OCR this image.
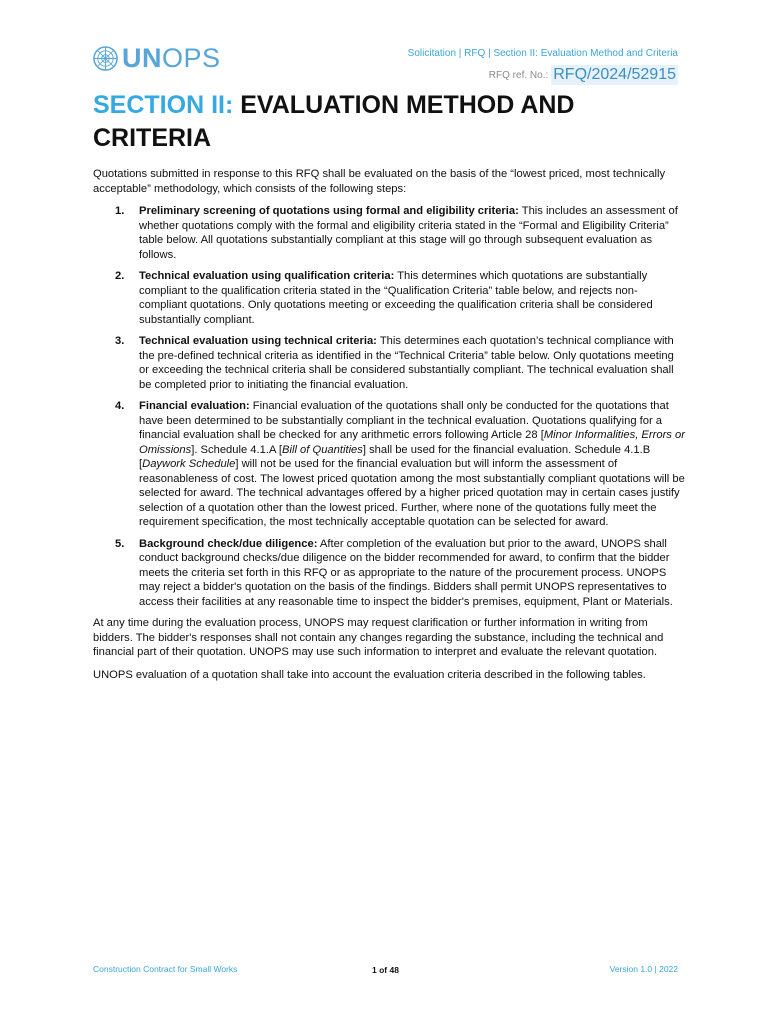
UNOPS	Solicitation | RFQ | Section II: Evaluation Method and Criteria
RFQ ref. No.: RFQ/2024/52915
SECTION II: EVALUATION METHOD AND CRITERIA

Quotations submitted in response to this RFQ shall be evaluated on the basis of the “lowest priced, most technically acceptable” methodology, which consists of the following steps:

1. Preliminary screening of quotations using formal and eligibility criteria: This includes an assessment of whether quotations comply with the formal and eligibility criteria stated in the “Formal and Eligibility Criteria” table below. All quotations substantially compliant at this stage will go through subsequent evaluation as follows.
2. Technical evaluation using qualification criteria: This determines which quotations are substantially compliant to the qualification criteria stated in the “Qualification Criteria” table below, and rejects non-compliant quotations. Only quotations meeting or exceeding the qualification criteria shall be considered substantially compliant.
3. Technical evaluation using technical criteria: This determines each quotation’s technical compliance with the pre-defined technical criteria as identified in the “Technical Criteria” table below. Only quotations meeting or exceeding the technical criteria shall be considered substantially compliant. The technical evaluation shall be completed prior to initiating the financial evaluation.
4. Financial evaluation: Financial evaluation of the quotations shall only be conducted for the quotations that have been determined to be substantially compliant in the technical evaluation. Quotations qualifying for a financial evaluation shall be checked for any arithmetic errors following Article 28 [Minor Informalities, Errors or Omissions]. Schedule 4.1.A [Bill of Quantities] shall be used for the financial evaluation. Schedule 4.1.B [Daywork Schedule] will not be used for the financial evaluation but will inform the assessment of reasonableness of cost. The lowest priced quotation among the most substantially compliant quotations will be selected for award. The technical advantages offered by a higher priced quotation may in certain cases justify selection of a quotation other than the lowest priced. Further, where none of the quotations fully meet the requirement specification, the most technically acceptable quotation can be selected for award.
5. Background check/due diligence: After completion of the evaluation but prior to the award, UNOPS shall conduct background checks/due diligence on the bidder recommended for award, to confirm that the bidder meets the criteria set forth in this RFQ or as appropriate to the nature of the procurement process. UNOPS may reject a bidder's quotation on the basis of the findings. Bidders shall permit UNOPS representatives to access their facilities at any reasonable time to inspect the bidder's premises, equipment, Plant or Materials.

At any time during the evaluation process, UNOPS may request clarification or further information in writing from bidders. The bidder's responses shall not contain any changes regarding the substance, including the technical and financial part of their quotation. UNOPS may use such information to interpret and evaluate the relevant quotation.

UNOPS evaluation of a quotation shall take into account the evaluation criteria described in the following tables.

Construction Contract for Small Works	1 of 48	Version 1.0 | 2022
